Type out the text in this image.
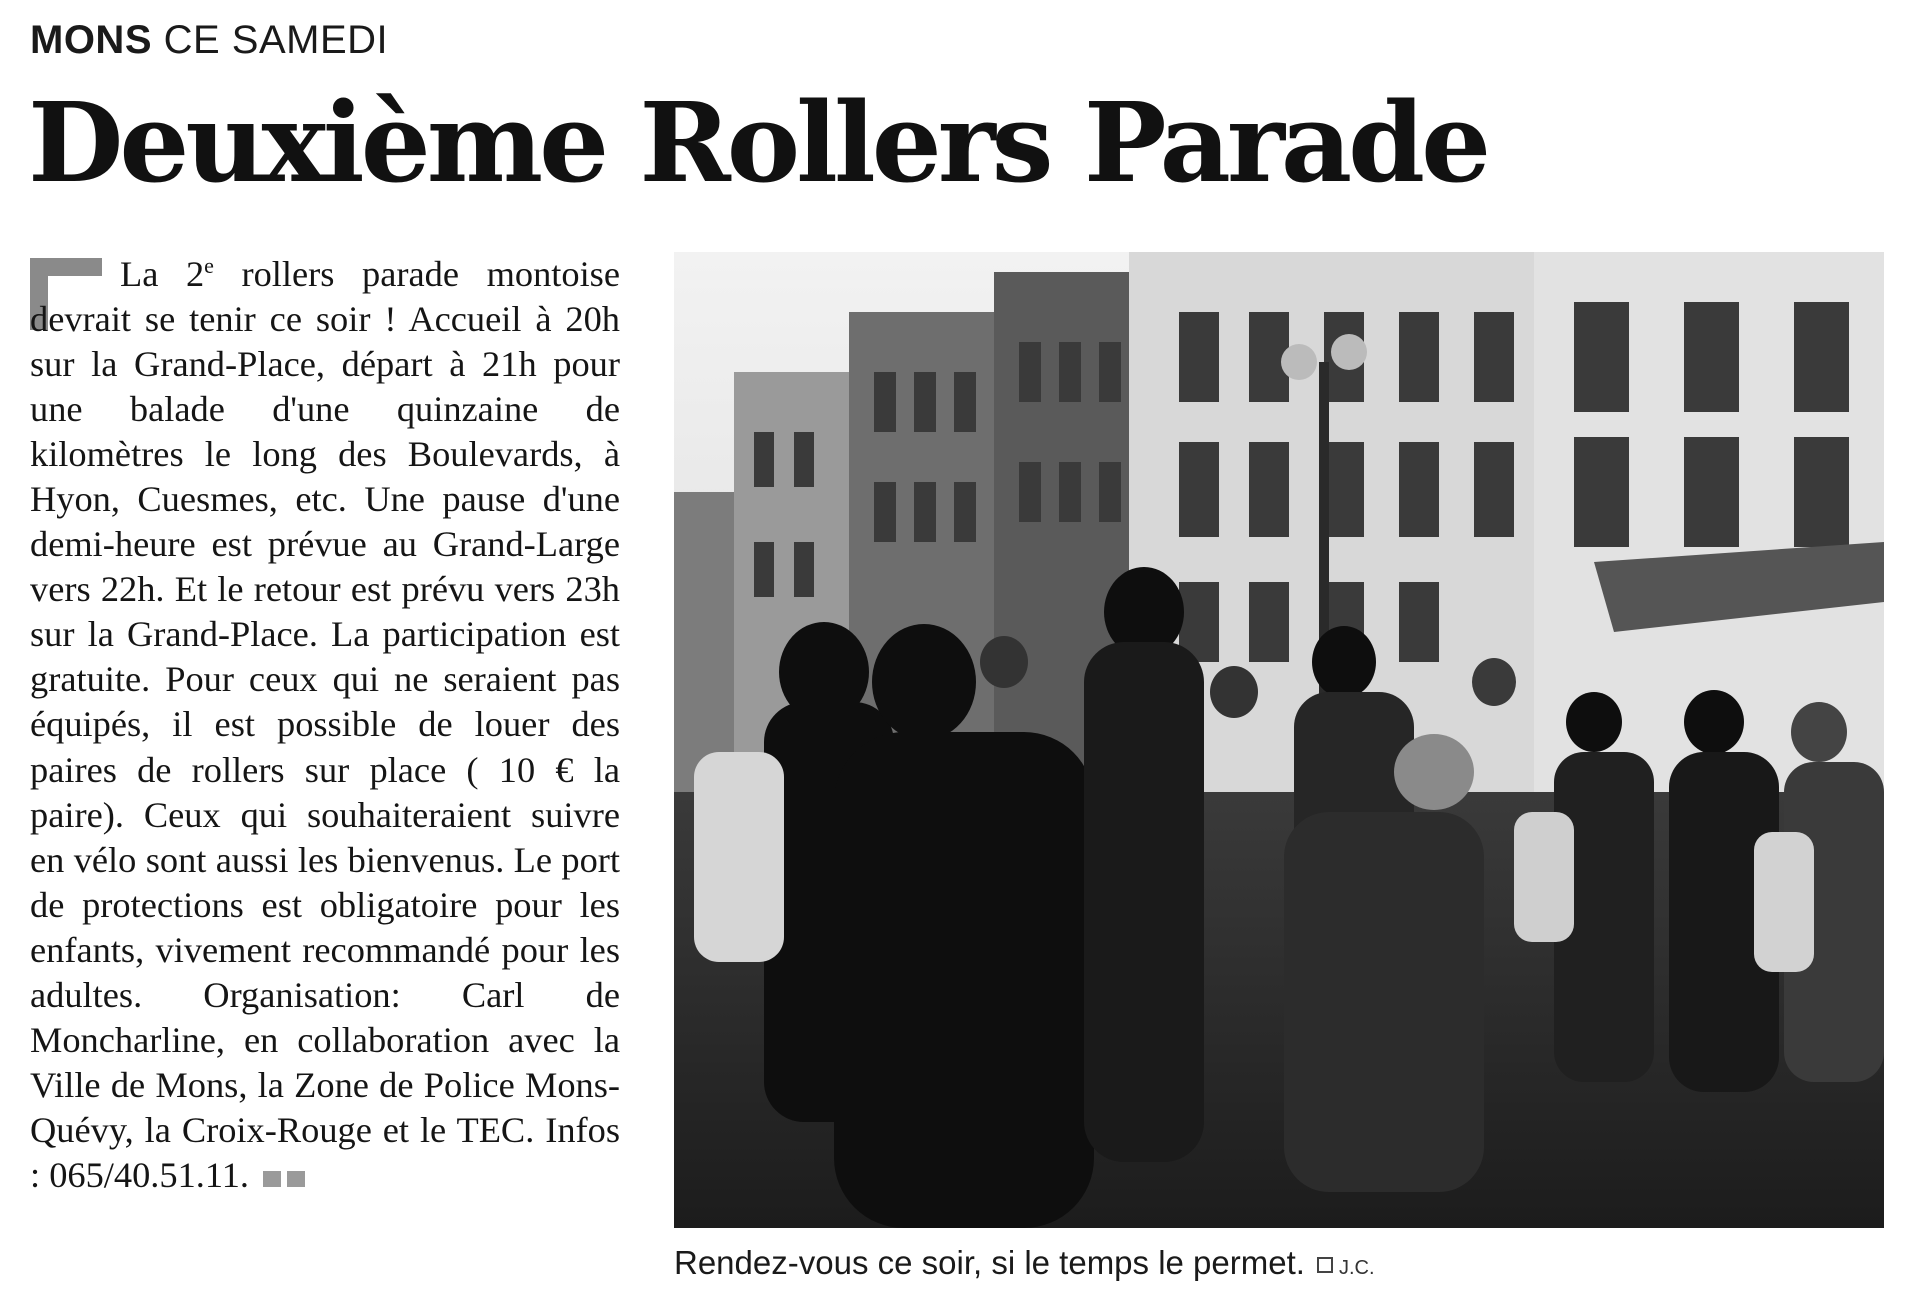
MONS CE SAMEDI
Deuxième Rollers Parade

La 2e rollers parade montoise devrait se tenir ce soir ! Accueil à 20h sur la Grand-Place, départ à 21h pour une balade d'une quinzaine de kilomètres le long des Boulevards, à Hyon, Cuesmes, etc. Une pause d'une demi-heure est prévue au Grand-Large vers 22h. Et le retour est prévu vers 23h sur la Grand-Place. La participation est gratuite. Pour ceux qui ne seraient pas équipés, il est possible de louer des paires de rollers sur place ( 10 € la paire). Ceux qui souhaiteraient suivre en vélo sont aussi les bienvenus. Le port de protections est obligatoire pour les enfants, vivement recommandé pour les adultes. Organisation: Carl de Moncharline, en collaboration avec la Ville de Mons, la Zone de Police Mons-Quévy, la Croix-Rouge et le TEC. Infos : 065/40.51.11.

Rendez-vous ce soir, si le temps le permet. J.C.
